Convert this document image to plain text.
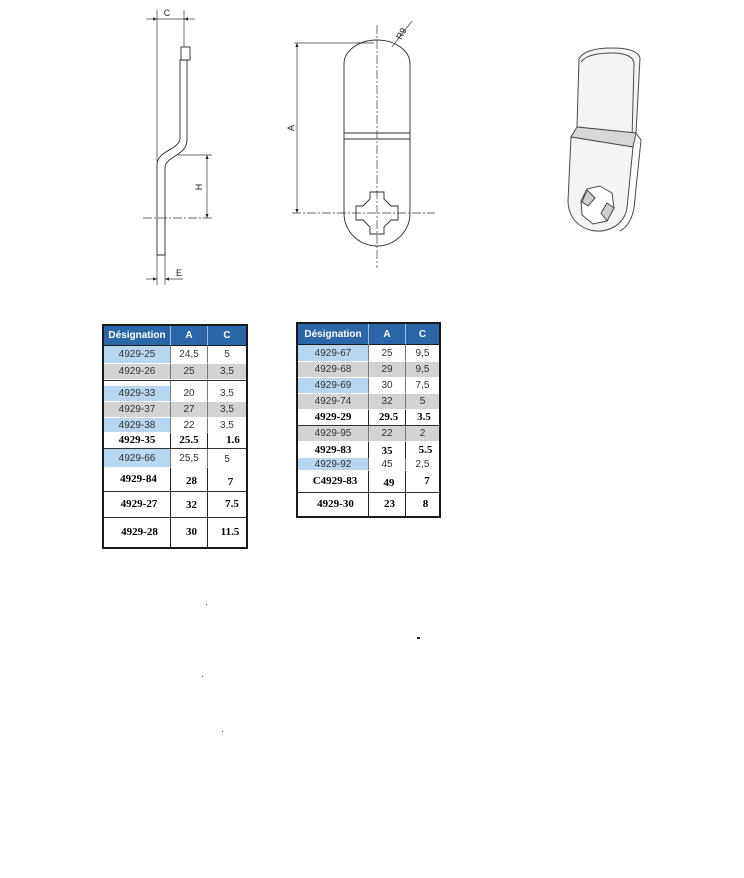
C
H
E
A
R9
Désignation	A	C
4929-25	24,5	5
4929-26	25	3,5

4929-33	20	3,5
4929-37	27	3,5
4929-38	22	3,5
4929-35	25.5	1.6
4929-66	25,5	5
4929-84	28	7
4929-27	32	7.5
4929-28	30	11.5
Désignation	A	C
4929-67	25	9,5
4929-68	29	9,5
4929-69	30	7,5
4929-74	32	5
4929-29	29.5	3.5
4929-95	22	2
4929-83	35	5.5
4929-92	45	2,5
C4929-83	49	7
4929-30	23	8
